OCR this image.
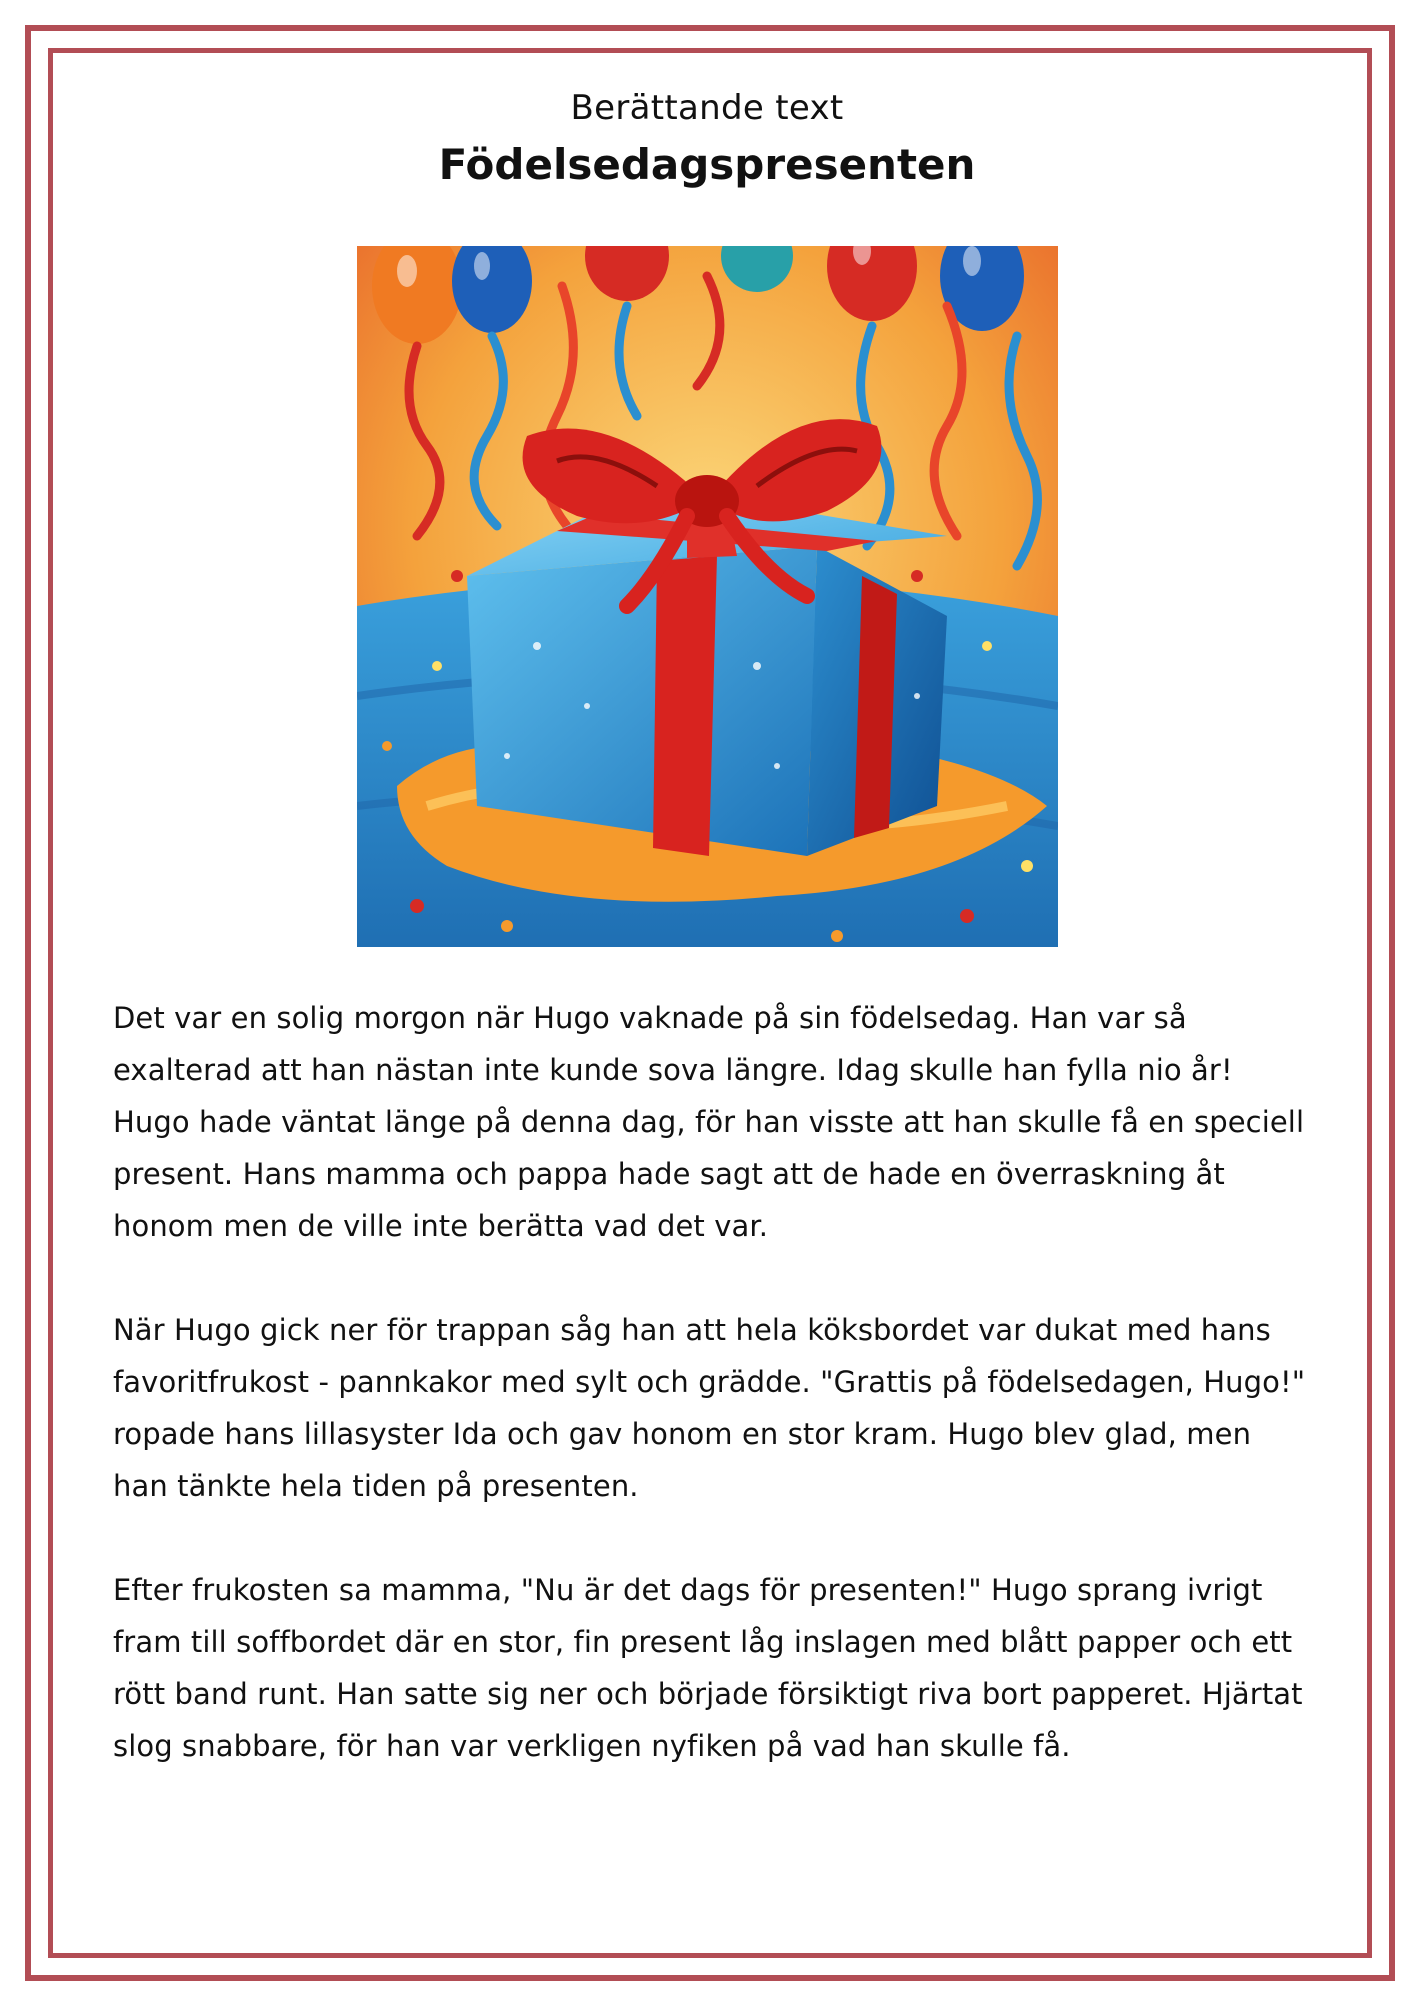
Berättande text
Födelsedagspresenten

Det var en solig morgon när Hugo vaknade på sin födelsedag. Han var så exalterad att han nästan inte kunde sova längre. Idag skulle han fylla nio år! Hugo hade väntat länge på denna dag, för han visste att han skulle få en speciell present. Hans mamma och pappa hade sagt att de hade en överraskning åt honom men de ville inte berätta vad det var.

När Hugo gick ner för trappan såg han att hela köksbordet var dukat med hans favoritfrukost - pannkakor med sylt och grädde. "Grattis på födelsedagen, Hugo!" ropade hans lillasyster Ida och gav honom en stor kram. Hugo blev glad, men han tänkte hela tiden på presenten.

Efter frukosten sa mamma, "Nu är det dags för presenten!" Hugo sprang ivrigt fram till soffbordet där en stor, fin present låg inslagen med blått papper och ett rött band runt. Han satte sig ner och började försiktigt riva bort papperet. Hjärtat slog snabbare, för han var verkligen nyfiken på vad han skulle få.
